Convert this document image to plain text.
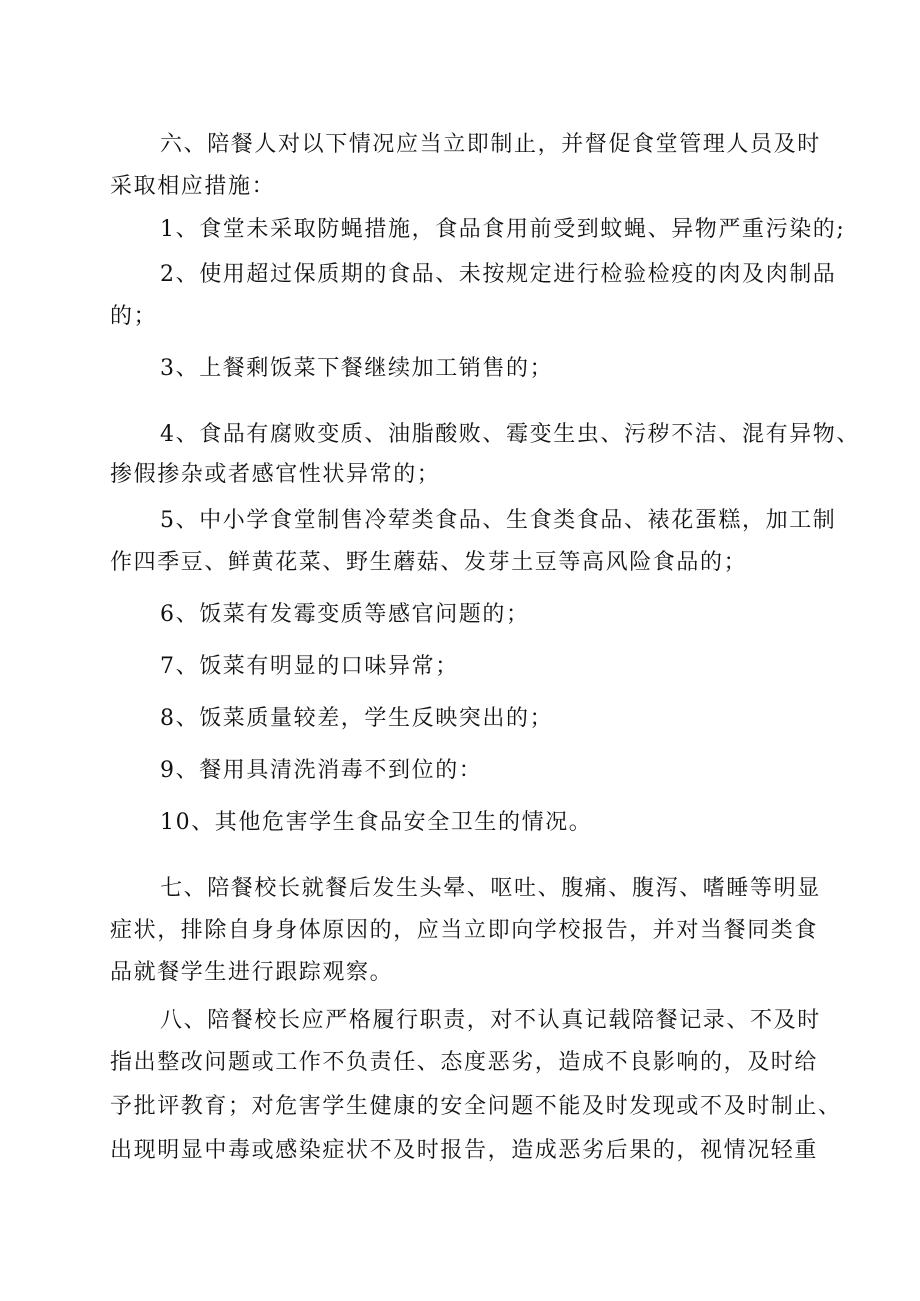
六、陪餐人对以下情况应当立即制止，并督促食堂管理人员及时
采取相应措施：
1、食堂未采取防蝇措施，食品食用前受到蚊蝇、异物严重污染的;
2、使用超过保质期的食品、未按规定进行检验检疫的肉及肉制品
的；
3、上餐剩饭菜下餐继续加工销售的；
4、食品有腐败变质、油脂酸败、霉变生虫、污秽不洁、混有异物、
掺假掺杂或者感官性状异常的；
5、中小学食堂制售冷荤类食品、生食类食品、裱花蛋糕，加工制
作四季豆、鲜黄花菜、野生蘑菇、发芽土豆等高风险食品的；
6、饭菜有发霉变质等感官问题的；
7、饭菜有明显的口味异常；
8、饭菜质量较差，学生反映突出的；
9、餐用具清洗消毒不到位的：
10、其他危害学生食品安全卫生的情况。
七、陪餐校长就餐后发生头晕、呕吐、腹痛、腹泻、嗜睡等明显
症状，排除自身身体原因的，应当立即向学校报告，并对当餐同类食
品就餐学生进行跟踪观察。
八、陪餐校长应严格履行职责，对不认真记载陪餐记录、不及时
指出整改问题或工作不负责任、态度恶劣，造成不良影响的，及时给
予批评教育；对危害学生健康的安全问题不能及时发现或不及时制止、
出现明显中毒或感染症状不及时报告，造成恶劣后果的，视情况轻重
